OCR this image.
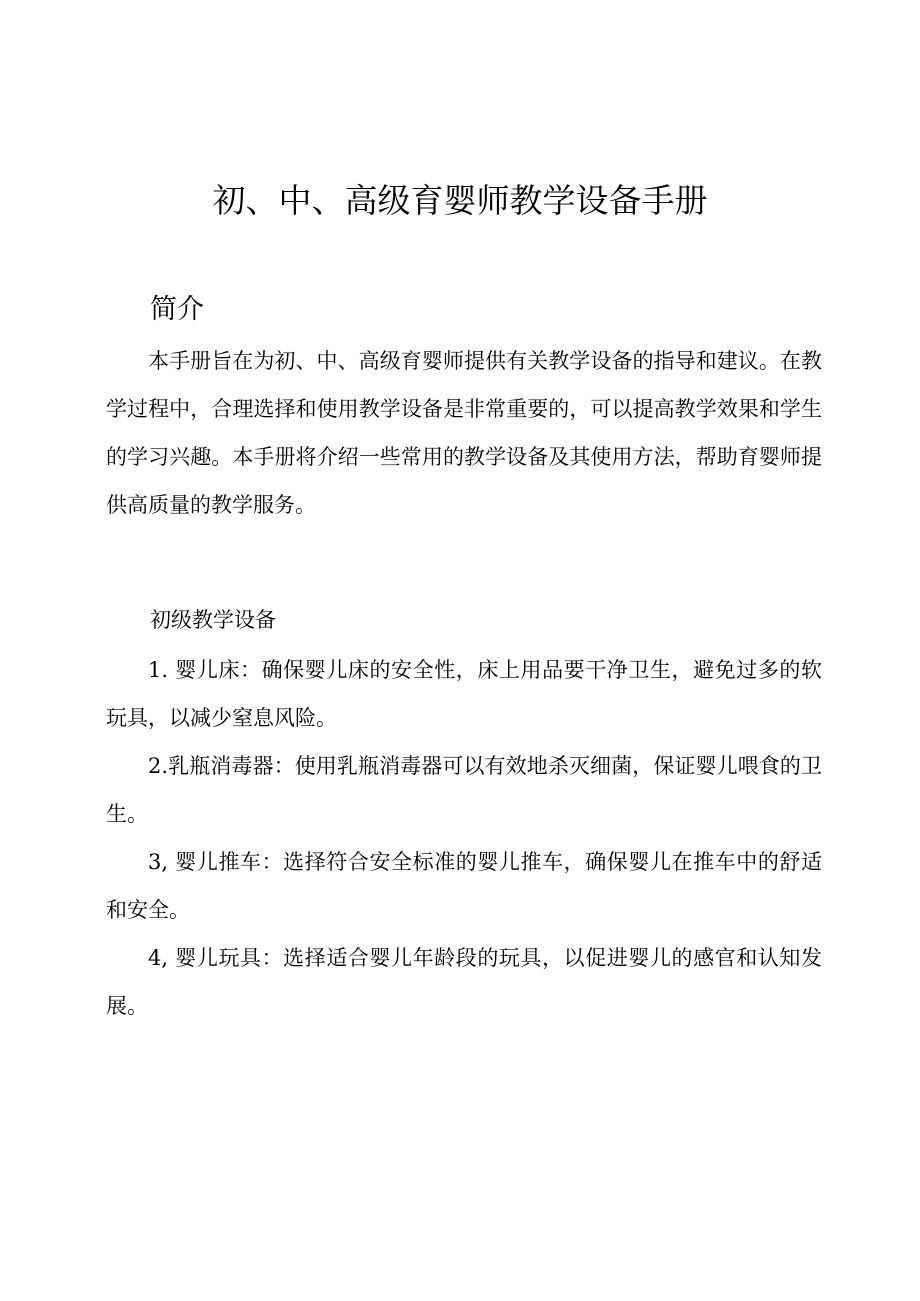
初、中、高级育婴师教学设备手册
简介

本手册旨在为初、中、高级育婴师提供有关教学设备的指导和建议。在教学过程中，合理选择和使用教学设备是非常重要的，可以提高教学效果和学生的学习兴趣。本手册将介绍一些常用的教学设备及其使用方法，帮助育婴师提供高质量的教学服务。

初级教学设备

1. 婴儿床：确保婴儿床的安全性，床上用品要干净卫生，避免过多的软玩具，以减少窒息风险。

2.乳瓶消毒器：使用乳瓶消毒器可以有效地杀灭细菌，保证婴儿喂食的卫生。

3, 婴儿推车：选择符合安全标准的婴儿推车，确保婴儿在推车中的舒适和安全。

4, 婴儿玩具：选择适合婴儿年龄段的玩具，以促进婴儿的感官和认知发展。
